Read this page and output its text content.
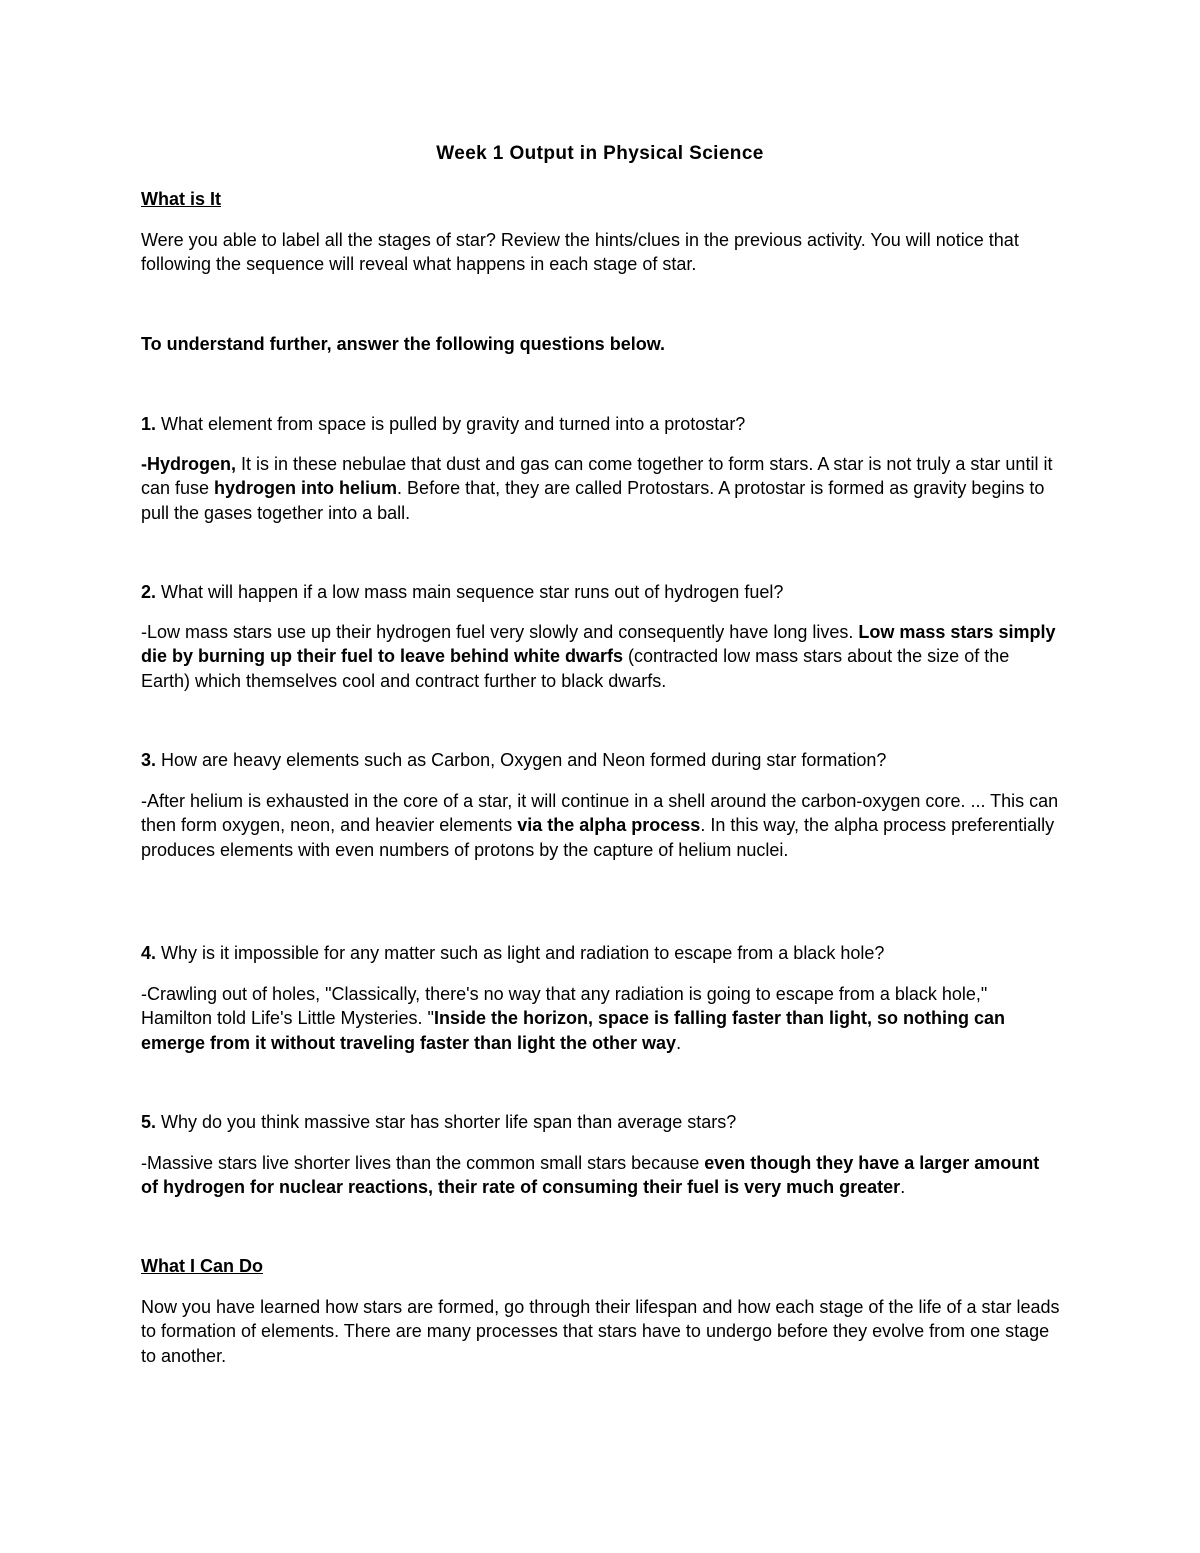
Week 1 Output in Physical Science
What is It

Were you able to label all the stages of star? Review the hints/clues in the previous activity. You will notice that following the sequence will reveal what happens in each stage of star.

To understand further, answer the following questions below.

1. What element from space is pulled by gravity and turned into a protostar?

-Hydrogen, It is in these nebulae that dust and gas can come together to form stars. A star is not truly a star until it can fuse hydrogen into helium. Before that, they are called Protostars. A protostar is formed as gravity begins to pull the gases together into a ball.

2. What will happen if a low mass main sequence star runs out of hydrogen fuel?

-Low mass stars use up their hydrogen fuel very slowly and consequently have long lives. Low mass stars simply die by burning up their fuel to leave behind white dwarfs (contracted low mass stars about the size of the Earth) which themselves cool and contract further to black dwarfs.

3. How are heavy elements such as Carbon, Oxygen and Neon formed during star formation?

-After helium is exhausted in the core of a star, it will continue in a shell around the carbon-oxygen core. ... This can then form oxygen, neon, and heavier elements via the alpha process. In this way, the alpha process preferentially produces elements with even numbers of protons by the capture of helium nuclei.

4. Why is it impossible for any matter such as light and radiation to escape from a black hole?

-Crawling out of holes, "Classically, there's no way that any radiation is going to escape from a black hole," Hamilton told Life's Little Mysteries. "Inside the horizon, space is falling faster than light, so nothing can emerge from it without traveling faster than light the other way.

5. Why do you think massive star has shorter life span than average stars?

-Massive stars live shorter lives than the common small stars because even though they have a larger amount of hydrogen for nuclear reactions, their rate of consuming their fuel is very much greater.

What I Can Do

Now you have learned how stars are formed, go through their lifespan and how each stage of the life of a star leads to formation of elements. There are many processes that stars have to undergo before they evolve from one stage to another.
